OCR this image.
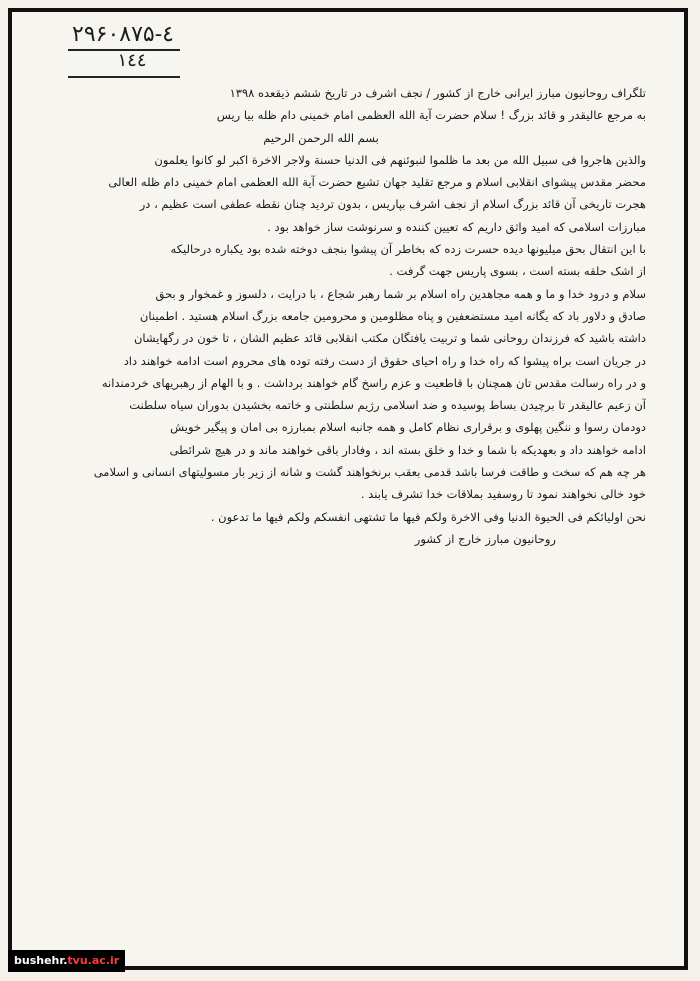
٢٩۶٠٨٧۵-٤
١٤٤
تلگراف روحانیون مبارز ایرانی خارج از کشور / نجف اشرف در تاریخ ششم ذیقعده ١٣٩٨
به مرجع عالیقدر و قائد بزرگ ! سلام حضرت آیة الله العظمی امام خمینی دام ظله بیا ریس
بسم الله الرحمن الرحیم
والذین هاجروا فی سبیل الله من بعد ما ظلموا لنبوئنهم فی الدنیا حسنة ولاجر الاخرة اکبر لو کانوا یعلمون
محضر مقدس پیشوای انقلابی اسلام و مرجع تقلید جهان تشیع حضرت آیة الله العظمی امام خمینی دام ظله العالی
هجرت تاریخی آن قائد بزرگ اسلام از نجف اشرف بپاریس ، بدون تردید چنان نقطه عطفی است عظیم ، در
مبارزات اسلامی که امید واثق داریم که تعیین کننده و سرنوشت ساز خواهد بود .
با این انتقال بحق میلیونها دیده حسرت زده که بخاطر آن پیشوا بنجف دوخته شده بود یکباره درحالیکه
از اشک حلقه بسته است ، بسوی پاریس جهت گرفت .
سلام و درود خدا و ما و همه مجاهدین راه اسلام بر شما رهبر شجاع ، با درایت ، دلسوز و غمخوار و بحق
صادق و دلاور باد که یگانه امید مستضعفین و پناه مظلومین و محرومین جامعه بزرگ اسلام هستید . اطمینان
داشته باشید که فرزندان روحانی شما و تربیت یافتگان مکتب انقلابی قائد عظیم الشان ، تا خون در رگهایشان
در جریان است براه پیشوا که راه خدا و راه احیای حقوق از دست رفته توده های محروم است ادامه خواهند داد
و در راه رسالت مقدس تان همچنان با قاطعیت و عزم راسخ گام خواهند برداشت . و با الهام از رهبریهای خردمندانه
آن زعیم عالیقدر تا برچیدن بساط پوسیده و ضد اسلامی رژیم سلطنتی و خاتمه بخشیدن بدوران سیاه سلطنت
دودمان رسوا و ننگین پهلوی و برقراری نظام کامل و همه جانبه اسلام بمبارزه بی امان و پیگیر خویش
ادامه خواهند داد و بعهدیکه با شما و خدا و خلق بسته اند ، وفادار باقی خواهند ماند و در هیچ شرائطی
هر چه هم که سخت و طاقت فرسا باشد قدمی بعقب برنخواهند گشت و شانه از زیر بار مسولیتهای انسانی و اسلامی
خود خالی نخواهند نمود تا روسفید بملاقات خدا تشرف یابند .
نحن اولیائکم فی الحیوة الدنیا وفی الاخرة ولکم فیها ما تشتهی انفسکم ولکم فیها ما تدعون .
روحانیون مبارز خارج از کشور
bushehr.tvu.ac.ir
